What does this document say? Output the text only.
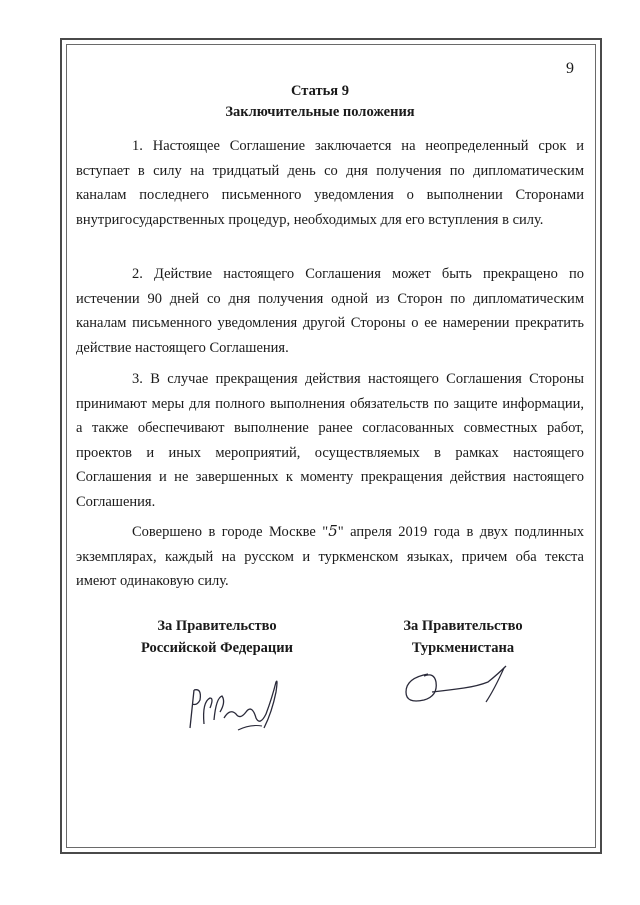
9
Статья 9
Заключительные положения

1. Настоящее Соглашение заключается на неопределенный срок и вступает в силу на тридцатый день со дня получения по дипломатическим каналам последнего письменного уведомления о выполнении Сторонами внутригосударственных процедур, необходимых для его вступления в силу.

2. Действие настоящего Соглашения может быть прекращено по истечении 90 дней со дня получения одной из Сторон по дипломатическим каналам письменного уведомления другой Стороны о ее намерении прекратить действие настоящего Соглашения.

3. В случае прекращения действия настоящего Соглашения Стороны принимают меры для полного выполнения обязательств по защите информации, а также обеспечивают выполнение ранее согласованных совместных работ, проектов и иных мероприятий, осуществляемых в рамках настоящего Соглашения и не завершенных к моменту прекращения действия настоящего Соглашения.

Совершено в городе Москве "5" апреля 2019 года в двух подлинных экземплярах, каждый на русском и туркменском языках, причем оба текста имеют одинаковую силу.

За Правительство
Российской Федерации
За Правительство
Туркменистана
